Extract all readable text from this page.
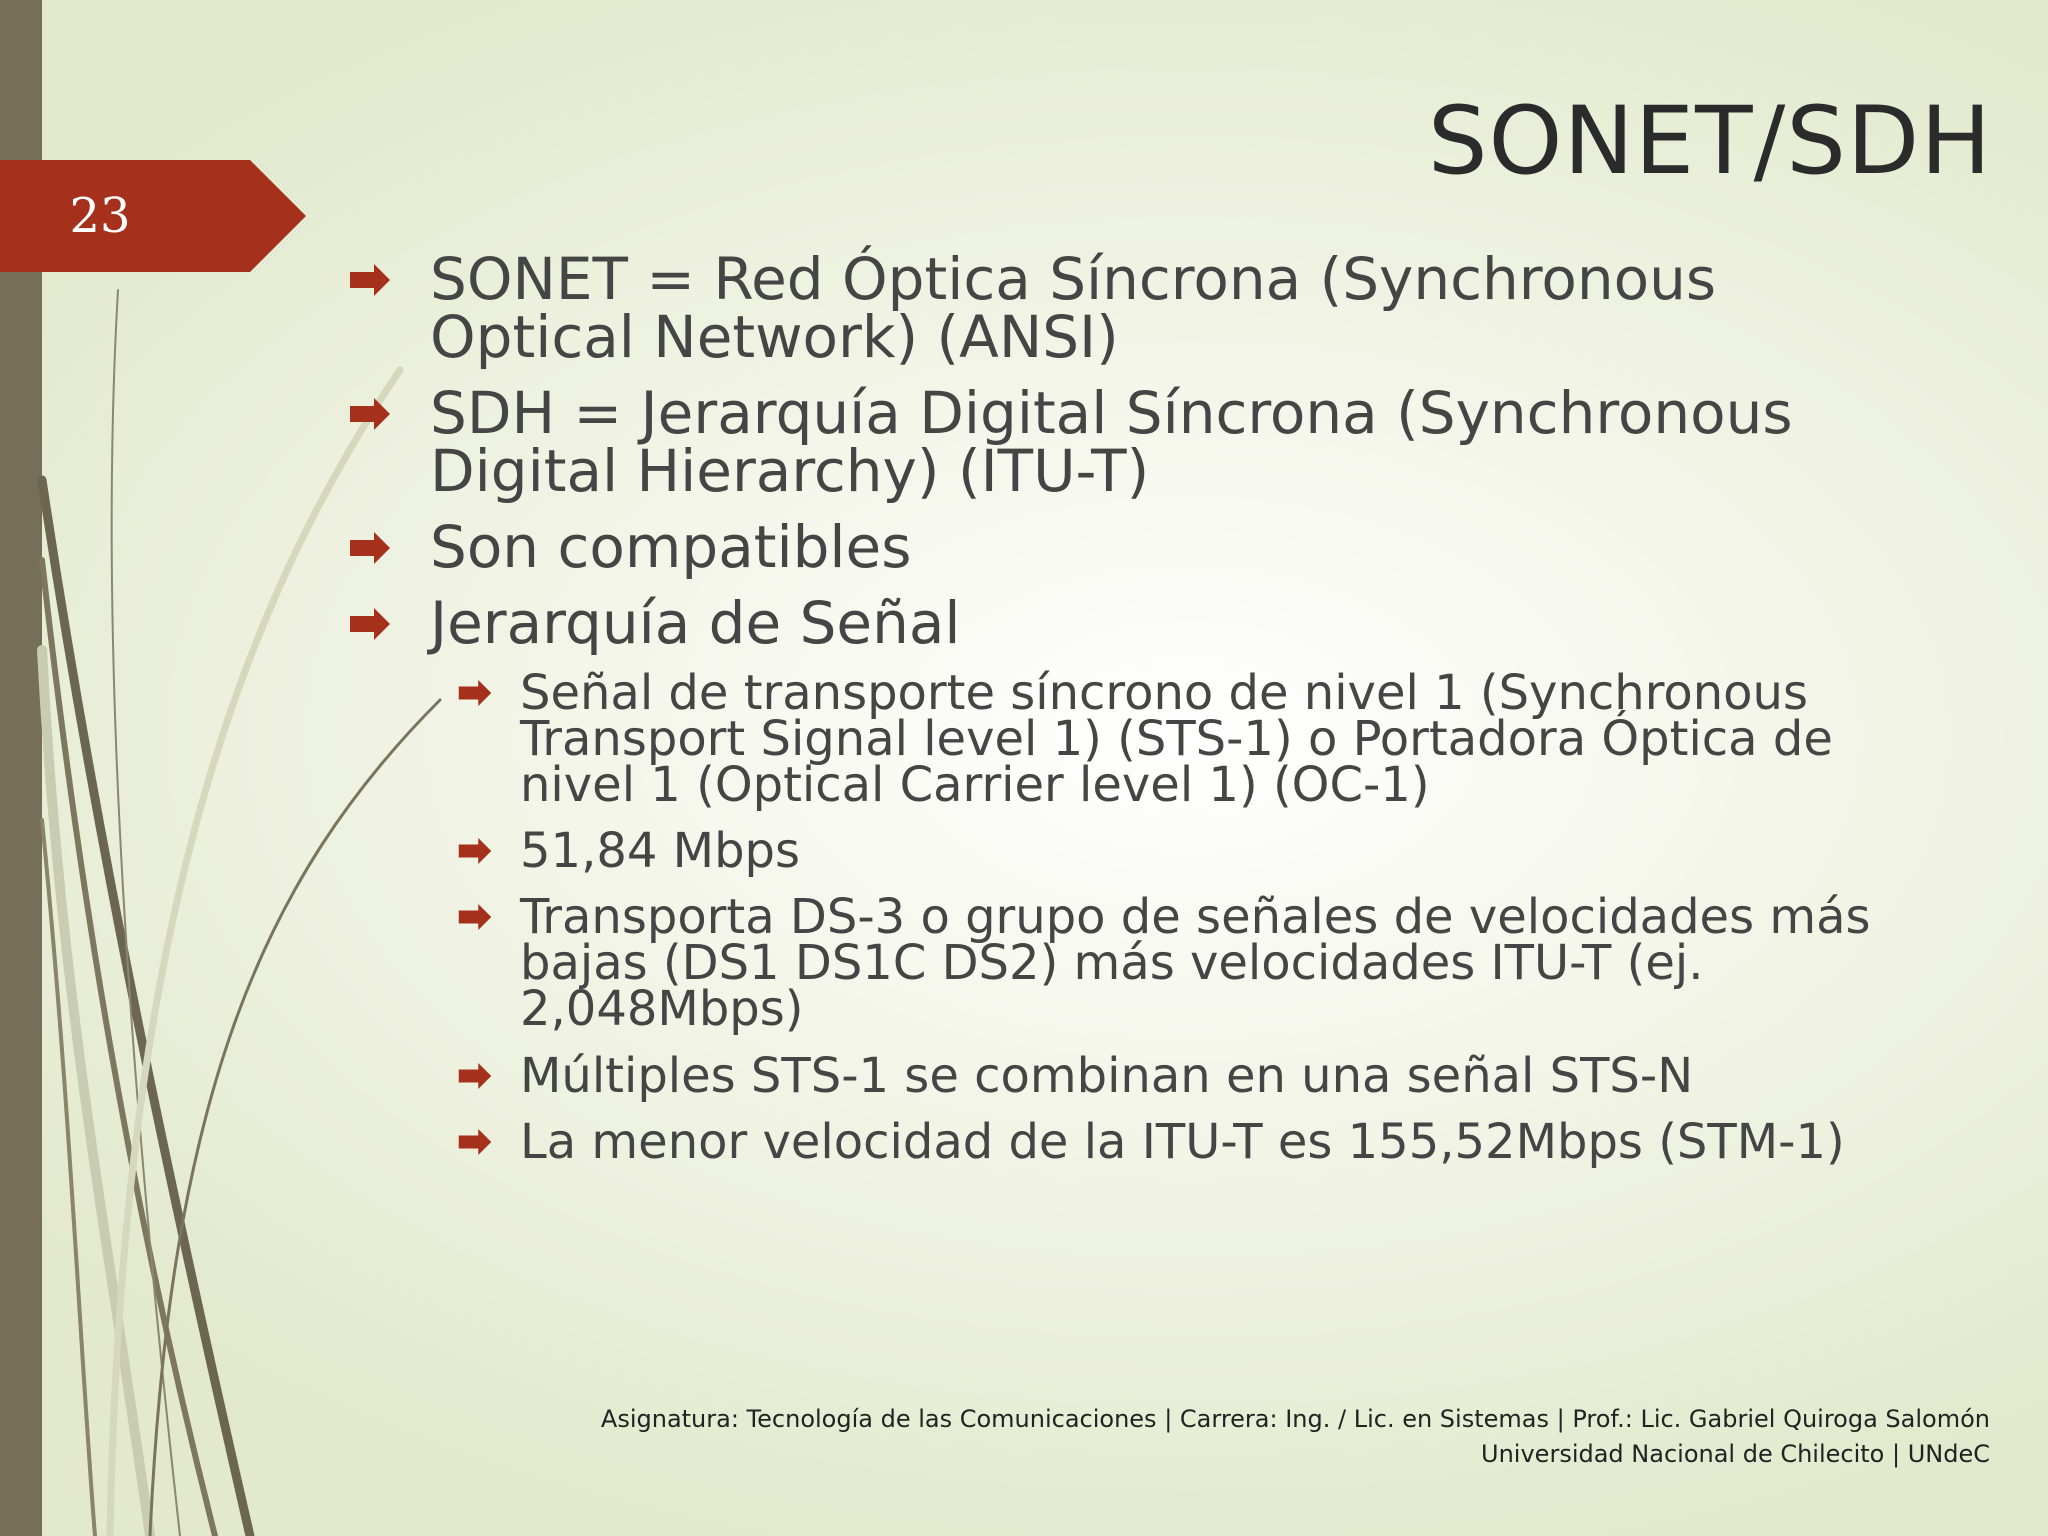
23
SONET/SDH
SONET = Red Óptica Síncrona (Synchronous Optical Network) (ANSI)
SDH = Jerarquía Digital Síncrona (Synchronous Digital Hierarchy) (ITU-T)
Son compatibles
Jerarquía de Señal
Señal de transporte síncrono de nivel 1 (Synchronous Transport Signal level 1) (STS-1) o Portadora Óptica de nivel 1 (Optical Carrier level 1) (OC-1)
51,84 Mbps
Transporta DS-3 o grupo de señales de velocidades más bajas (DS1 DS1C DS2) más velocidades ITU-T (ej. 2,048Mbps)
Múltiples STS-1 se combinan en una señal STS-N
La menor velocidad de la ITU-T es 155,52Mbps (STM-1)
Asignatura: Tecnología de las Comunicaciones | Carrera: Ing. / Lic. en Sistemas | Prof.: Lic. Gabriel Quiroga Salomón
Universidad Nacional de Chilecito | UNdeC
